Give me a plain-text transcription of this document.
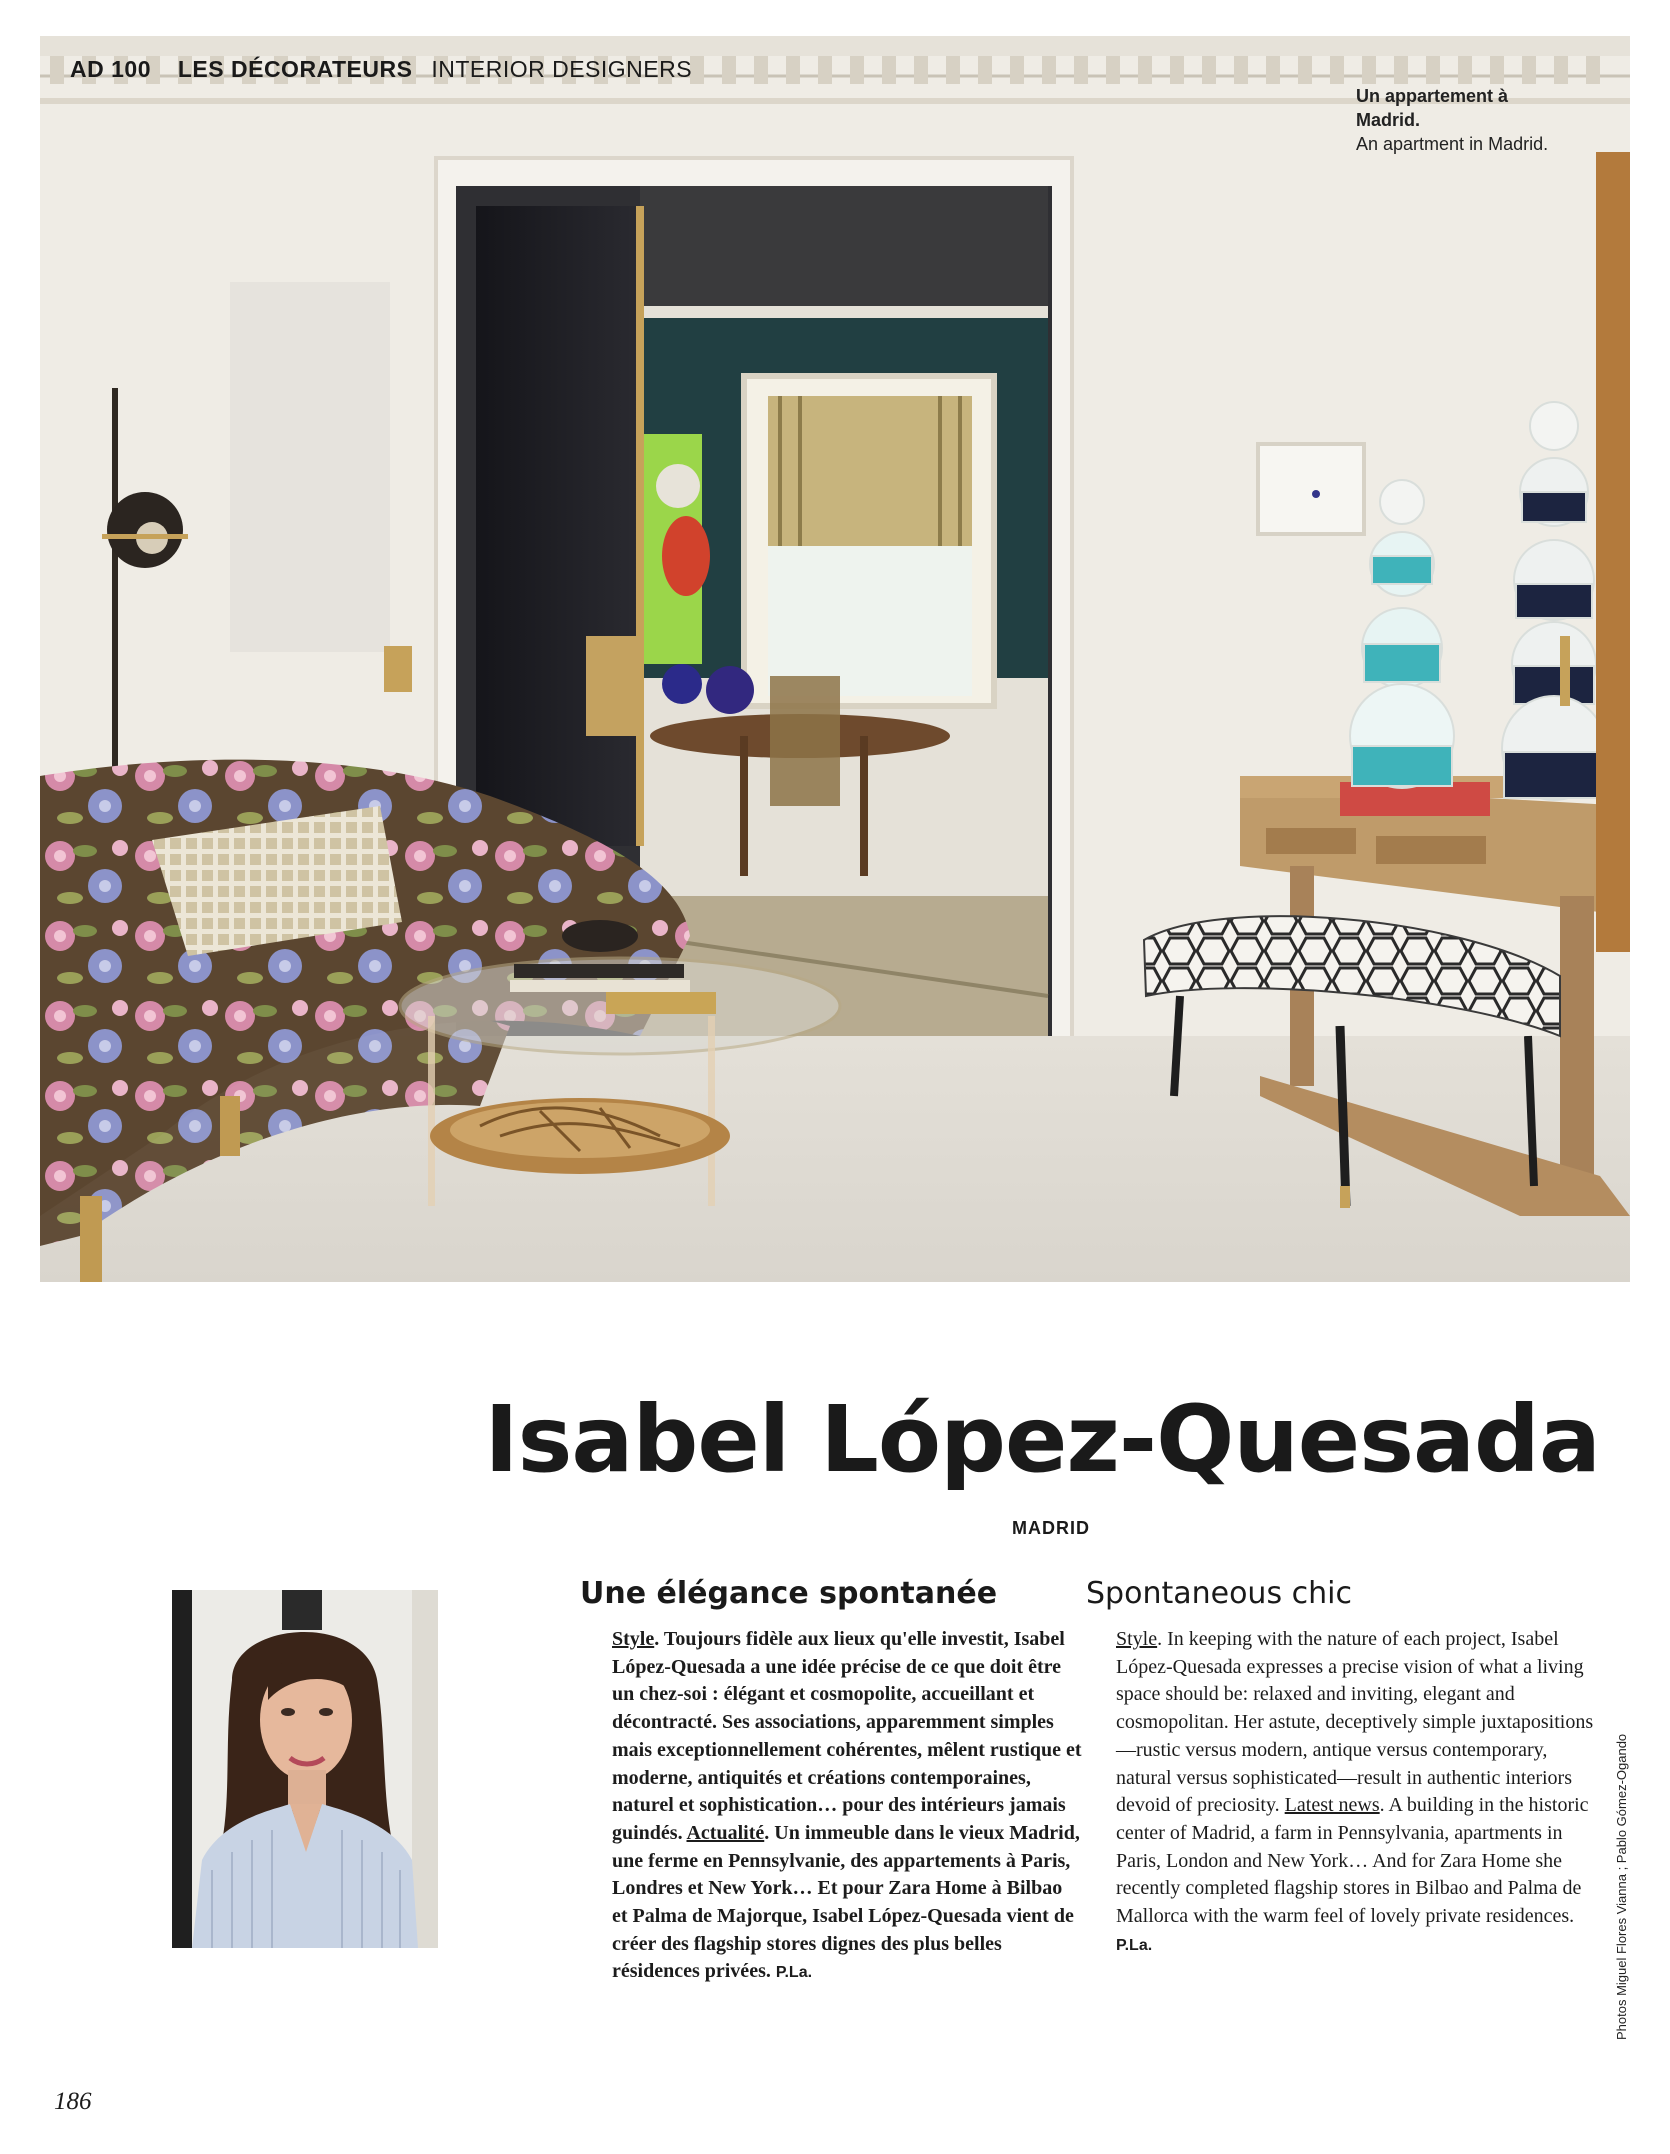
AD 100 LES DÉCORATEURS INTERIOR DESIGNERS
Un appartement à Madrid.
An apartment in Madrid.
Isabel López-Quesada
MADRID
Une élégance spontanée	Spontaneous chic
Style. Toujours fidèle aux lieux qu'elle investit, Isabel López-Quesada a une idée précise de ce que doit être un chez-soi : élégant et cosmopolite, accueillant et décontracté. Ses associations, apparemment simples mais exceptionnellement cohérentes, mêlent rustique et moderne, antiquités et créations contemporaines, naturel et sophistication… pour des intérieurs jamais guindés. Actualité. Un immeuble dans le vieux Madrid, une ferme en Pennsylvanie, des appartements à Paris, Londres et New York… Et pour Zara Home à Bilbao et Palma de Majorque, Isabel López-Quesada vient de créer des flagship stores dignes des plus belles résidences privées. P.La.
Style. In keeping with the nature of each project, Isabel López-Quesada expresses a precise vision of what a living space should be: relaxed and inviting, elegant and cosmopolitan. Her astute, deceptively simple juxtapositions—rustic versus modern, antique versus contemporary, natural versus sophisticated—result in authentic interiors devoid of preciosity. Latest news. A building in the historic center of Madrid, a farm in Pennsylvania, apartments in Paris, London and New York… And for Zara Home she recently completed flagship stores in Bilbao and Palma de Mallorca with the warm feel of lovely private residences. P.La.	Photos Miguel Flores Vianna ; Pablo Gómez-Ogando
186
